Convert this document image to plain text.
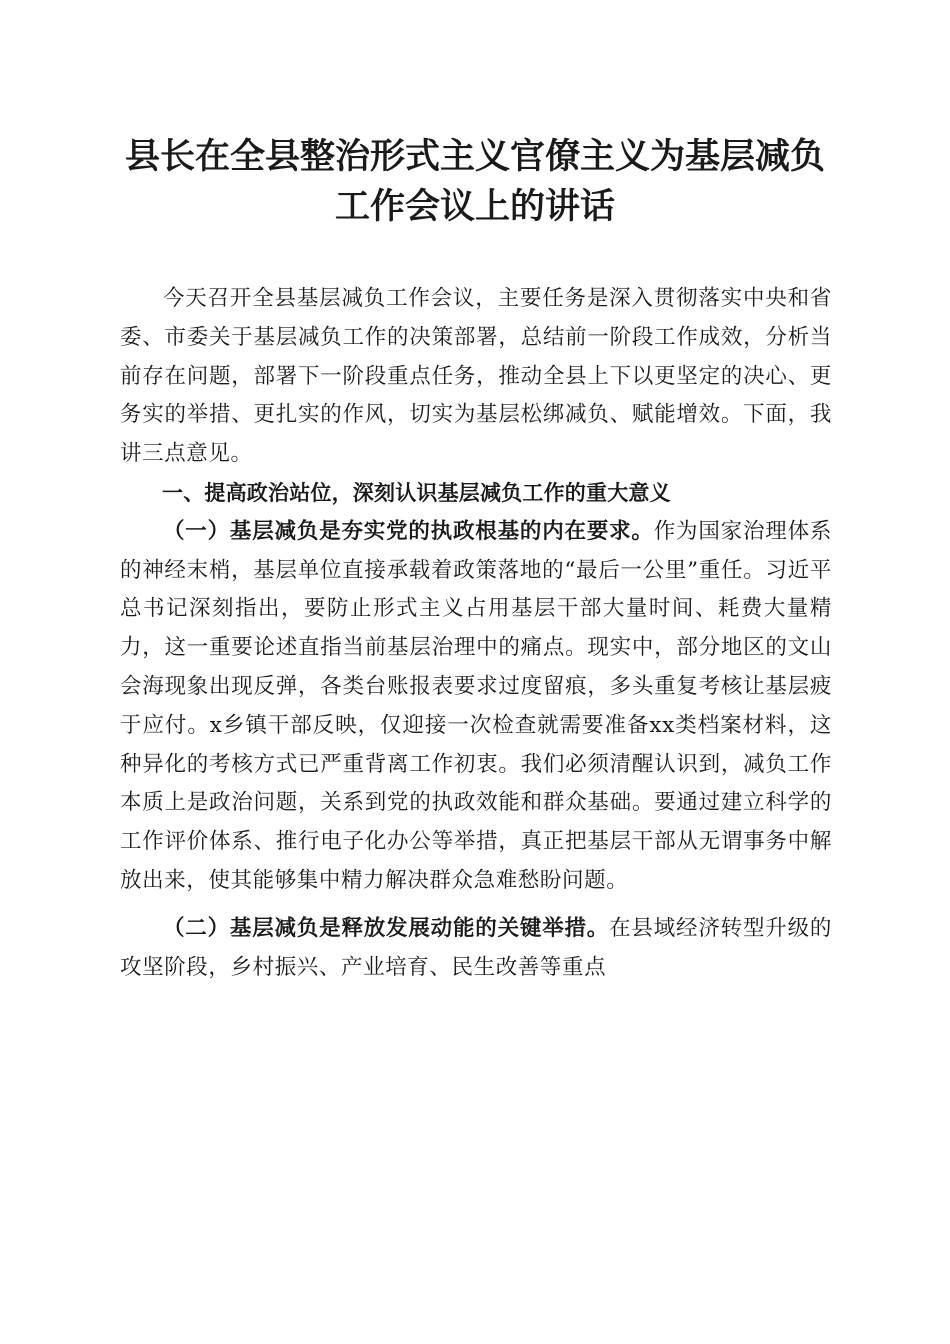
县长在全县整治形式主义官僚主义为基层减负
工作会议上的讲话

今天召开全县基层减负工作会议，主要任务是深入贯彻落实中央和省委、市委关于基层减负工作的决策部署，总结前一阶段工作成效，分析当前存在问题，部署下一阶段重点任务，推动全县上下以更坚定的决心、更务实的举措、更扎实的作风，切实为基层松绑减负、赋能增效。下面，我讲三点意见。

一、提高政治站位，深刻认识基层减负工作的重大意义

（一）基层减负是夯实党的执政根基的内在要求。作为国家治理体系的神经末梢，基层单位直接承载着政策落地的“最后一公里”重任。习近平总书记深刻指出，要防止形式主义占用基层干部大量时间、耗费大量精力，这一重要论述直指当前基层治理中的痛点。现实中，部分地区的文山会海现象出现反弹，各类台账报表要求过度留痕，多头重复考核让基层疲于应付。x乡镇干部反映，仅迎接一次检查就需要准备xx类档案材料，这种异化的考核方式已严重背离工作初衷。我们必须清醒认识到，减负工作本质上是政治问题，关系到党的执政效能和群众基础。要通过建立科学的工作评价体系、推行电子化办公等举措，真正把基层干部从无谓事务中解放出来，使其能够集中精力解决群众急难愁盼问题。

（二）基层减负是释放发展动能的关键举措。在县域经济转型升级的攻坚阶段，乡村振兴、产业培育、民生改善等重点
